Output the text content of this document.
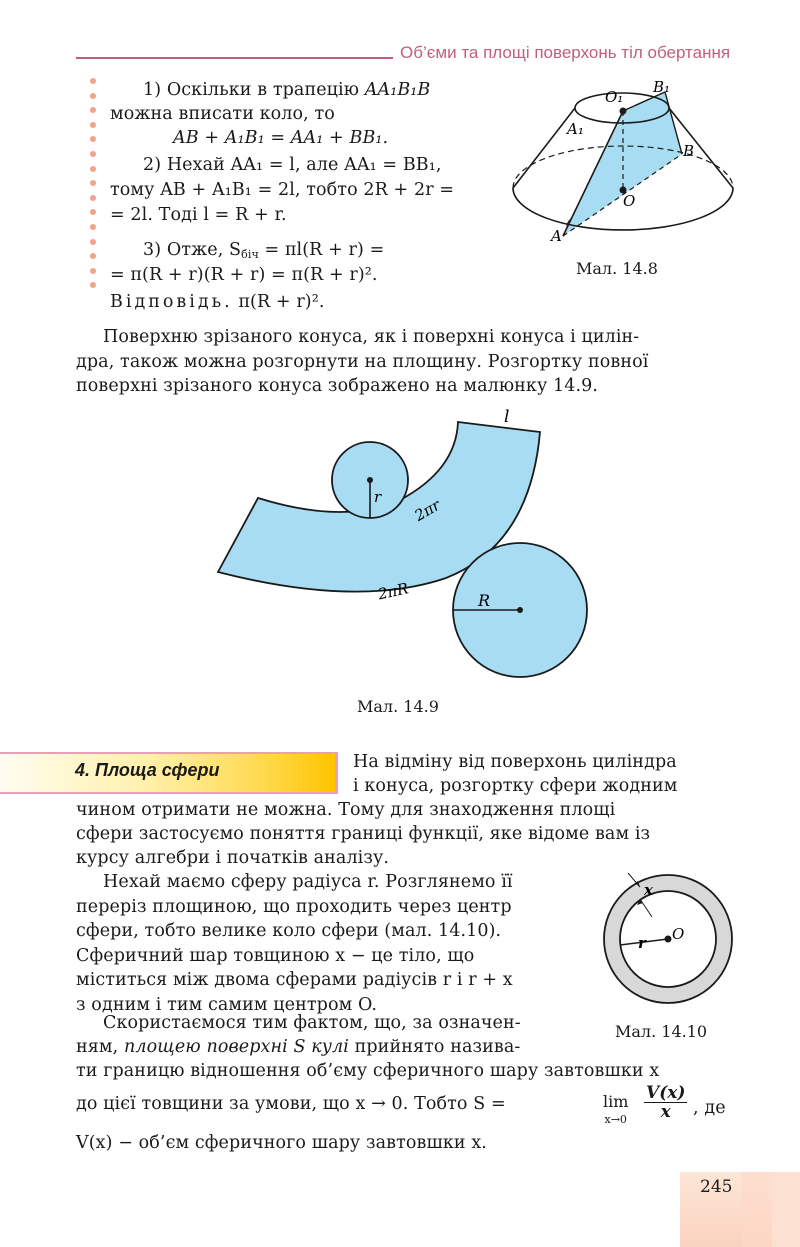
Об’єми та площі поверхонь тіл обертання
1) Оскільки в трапецію AA₁B₁B
можна вписати коло, то
AB + A₁B₁ = AA₁ + BB₁.
2) Нехай AA₁ = l, але AA₁ = BB₁,
тому AB + A₁B₁ = 2l, тобто 2R + 2r =
= 2l. Тоді l = R + r.
3) Отже, $S_{біч} = \pi l(R + r)$ =
= π(R + r)(R + r) = π(R + r)².
Відповідь. π(R + r)².
O₁
B₁
A₁
B
O
A
Мал. 14.8
Поверхню зрізаного конуса, як і поверхні конуса і цилін-
дра, також можна розгорнути на площину. Розгортку повної
поверхні зрізаного конуса зображено на малюнку 14.9.
l
r 2πr
2πR	R
Мал. 14.9
4. Площа сфери	На відміну від поверхонь циліндра
і конуса, розгортку сфери жодним
чином отримати не можна. Тому для знаходження площі
сфери застосуємо поняття границі функції, яке відоме вам із
курсу алгебри і початків аналізу.
Нехай маємо сферу радіуса r. Розглянемо її
переріз площиною, що проходить через центр
сфери, тобто велике коло сфери (мал. 14.10).
Сферичний шар товщиною x − це тіло, що
міститься між двома сферами радіусів r і r + x
з одним і тим самим центром O.
x
r O
Мал. 14.10
Скористаємося тим фактом, що, за означен-
ням, площею поверхні S кулі прийнято назива-
ти границю відношення об’єму сферичного шару завтовшки x
до цієї товщини за умови, що x → 0. Тобто S =	lim
$x\to 0 \frac{V(x)}{x}$ , де
V(x) − об’єм сферичного шару завтовшки x.
245
